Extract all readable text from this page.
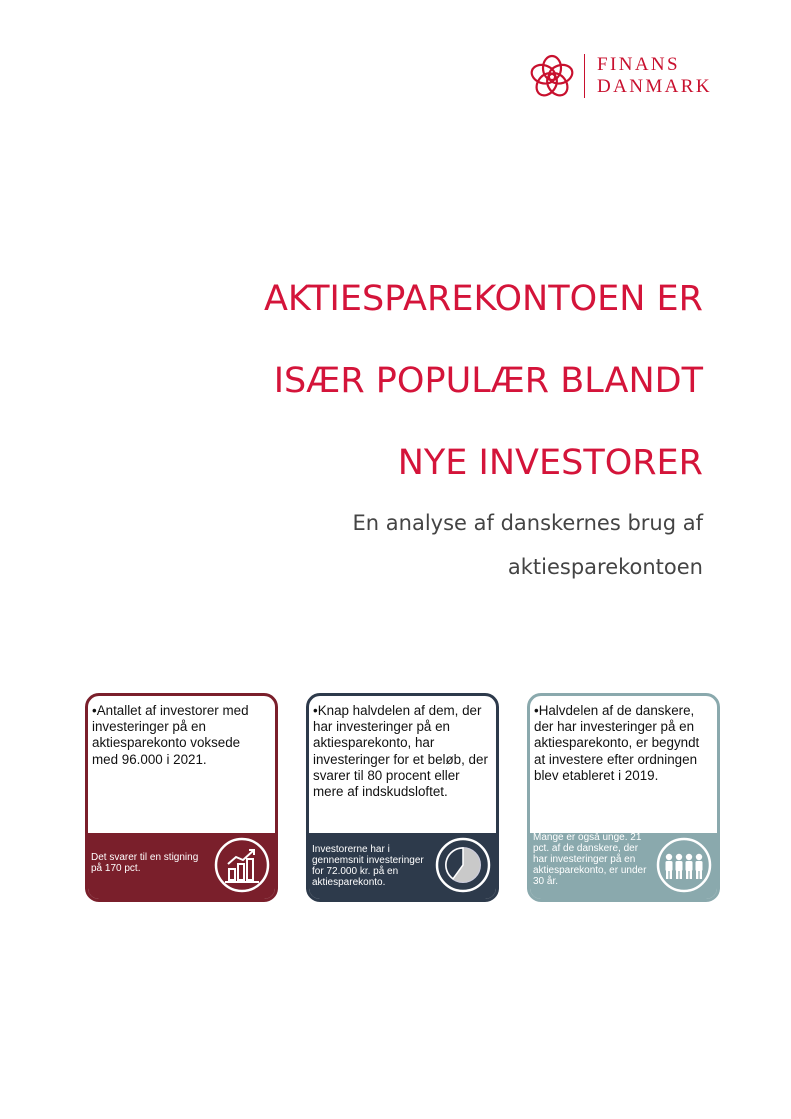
FINANS
DANMARK
AKTIESPAREKONTOEN ER
ISÆR POPULÆR BLANDT
NYE INVESTORER
En analyse af danskernes brug af
aktiesparekontoen
•Antallet af investorer med investeringer på en aktiesparekonto voksede med 96.000 i 2021.
Det svarer til en stigning på 170 pct.
•Knap halvdelen af dem, der har investeringer på en aktiesparekonto, har investeringer for et beløb, der svarer til 80 procent eller mere af indskudsloftet.
Investorerne har i gennemsnit investeringer for 72.000 kr. på en aktiesparekonto.
•Halvdelen af de danskere, der har investeringer på en aktiesparekonto, er begyndt at investere efter ordningen blev etableret i 2019.
Mange er også unge. 21 pct. af de danskere, der har investeringer på en aktiesparekonto, er under 30 år.
